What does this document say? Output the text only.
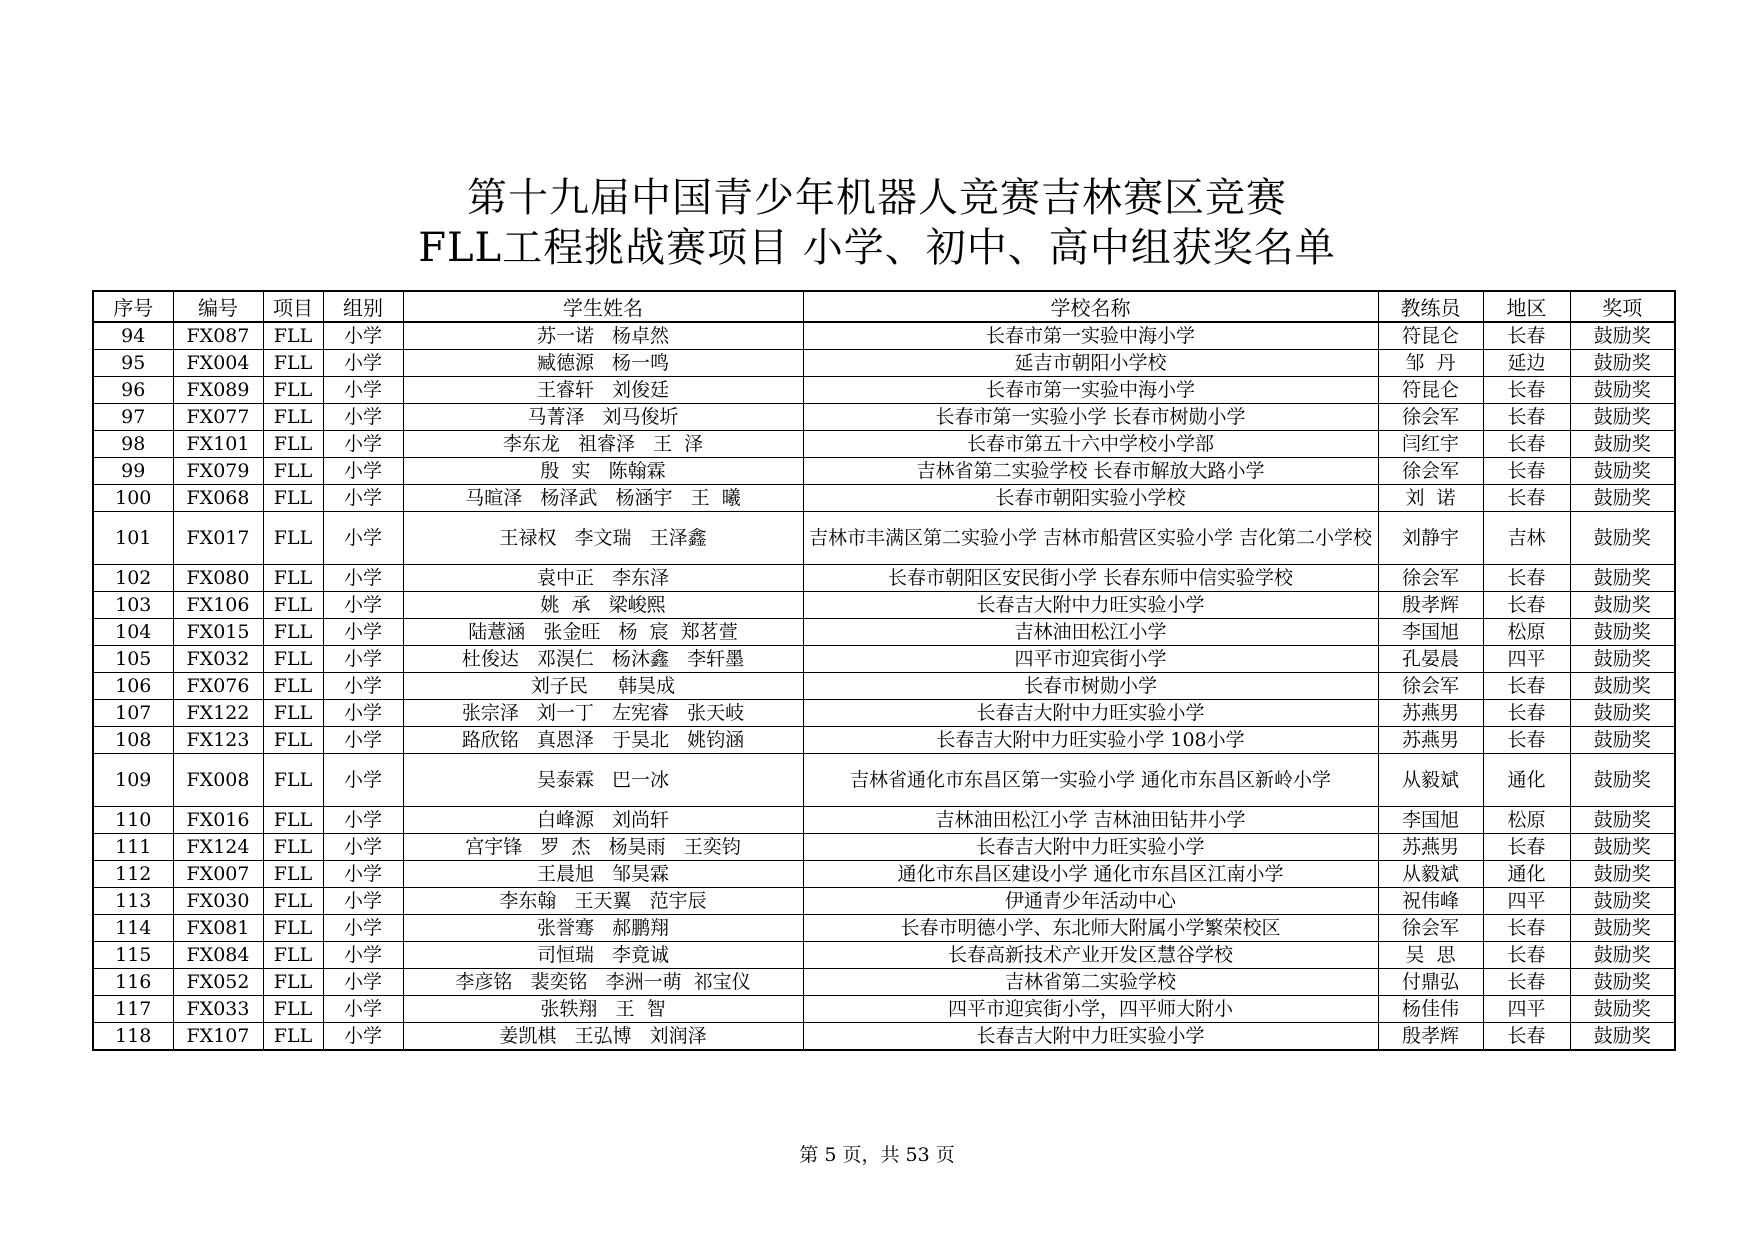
第十九届中国青少年机器人竞赛吉林赛区竞赛
FLL工程挑战赛项目 小学、初中、高中组获奖名单
序号	编号	项目	组别	学生姓名	学校名称	教练员	地区	奖项
94	FX087	FLL	小学	苏一诺   杨卓然	长春市第一实验中海小学	符昆仑	长春	鼓励奖
95	FX004	FLL	小学	臧德源   杨一鸣	延吉市朝阳小学校	邹  丹	延边	鼓励奖
96	FX089	FLL	小学	王睿轩   刘俊廷	长春市第一实验中海小学	符昆仑	长春	鼓励奖
97	FX077	FLL	小学	马菁泽   刘马俊圻	长春市第一实验小学 长春市树勋小学	徐会军	长春	鼓励奖
98	FX101	FLL	小学	李东龙   祖睿泽   王  泽	长春市第五十六中学校小学部	闫红宇	长春	鼓励奖
99	FX079	FLL	小学	殷  实   陈翰霖	吉林省第二实验学校 长春市解放大路小学	徐会军	长春	鼓励奖
100	FX068	FLL	小学	马暄泽   杨泽武   杨涵宇   王  曦	长春市朝阳实验小学校	刘  诺	长春	鼓励奖
101	FX017	FLL	小学	王禄权   李文瑞   王泽鑫	吉林市丰满区第二实验小学 吉林市船营区实验小学 吉化第二小学校	刘静宇	吉林	鼓励奖
102	FX080	FLL	小学	袁中正   李东泽	长春市朝阳区安民街小学 长春东师中信实验学校	徐会军	长春	鼓励奖
103	FX106	FLL	小学	姚  承   梁峻熙	长春吉大附中力旺实验小学	殷孝辉	长春	鼓励奖
104	FX015	FLL	小学	陆薏涵   张金旺   杨  宸  郑茗萱	吉林油田松江小学	李国旭	松原	鼓励奖
105	FX032	FLL	小学	杜俊达   邓淏仁   杨沐鑫   李轩墨	四平市迎宾街小学	孔晏晨	四平	鼓励奖
106	FX076	FLL	小学	刘子民     韩昊成	长春市树勋小学	徐会军	长春	鼓励奖
107	FX122	FLL	小学	张宗泽   刘一丁   左宪睿   张天岐	长春吉大附中力旺实验小学	苏燕男	长春	鼓励奖
108	FX123	FLL	小学	路欣铭   真恩泽   于昊北   姚钧涵	长春吉大附中力旺实验小学 108小学	苏燕男	长春	鼓励奖
109	FX008	FLL	小学	吴泰霖   巴一冰	吉林省通化市东昌区第一实验小学 通化市东昌区新岭小学	从毅斌	通化	鼓励奖
110	FX016	FLL	小学	白峰源   刘尚轩	吉林油田松江小学 吉林油田钻井小学	李国旭	松原	鼓励奖
111	FX124	FLL	小学	宫宇锋   罗  杰   杨昊雨   王奕钧	长春吉大附中力旺实验小学	苏燕男	长春	鼓励奖
112	FX007	FLL	小学	王晨旭   邹昊霖	通化市东昌区建设小学 通化市东昌区江南小学	从毅斌	通化	鼓励奖
113	FX030	FLL	小学	李东翰   王天翼   范宇辰	伊通青少年活动中心	祝伟峰	四平	鼓励奖
114	FX081	FLL	小学	张誉骞   郝鹏翔	长春市明德小学、东北师大附属小学繁荣校区	徐会军	长春	鼓励奖
115	FX084	FLL	小学	司恒瑞   李竟诚	长春高新技术产业开发区慧谷学校	吴  思	长春	鼓励奖
116	FX052	FLL	小学	李彦铭   裴奕铭   李洲一萌  祁宝仪	吉林省第二实验学校	付鼎弘	长春	鼓励奖
117	FX033	FLL	小学	张轶翔   王  智	四平市迎宾街小学，四平师大附小	杨佳伟	四平	鼓励奖
118	FX107	FLL	小学	姜凯棋   王弘博   刘润泽	长春吉大附中力旺实验小学	殷孝辉	长春	鼓励奖
第 5 页，共 53 页
